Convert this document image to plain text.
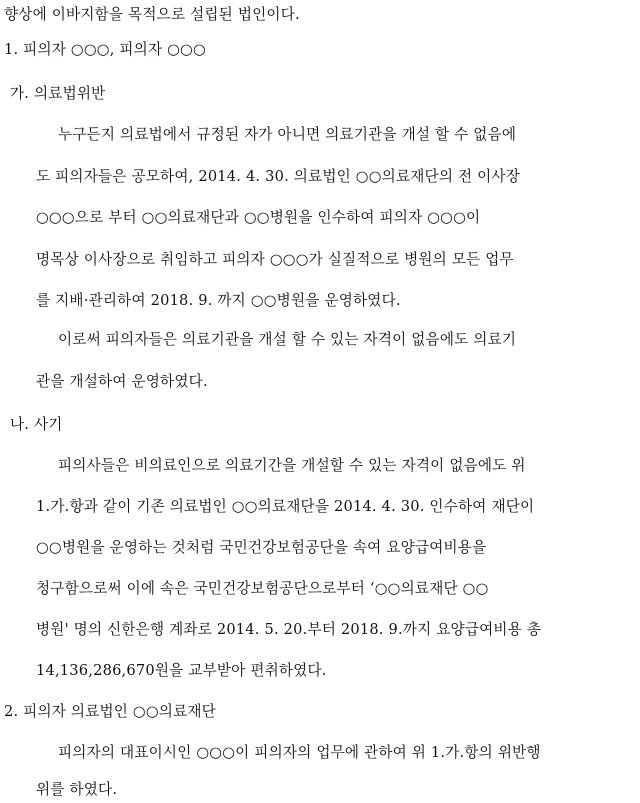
향상에 이바지함을 목적으로 설립된 법인이다.

1. 피의자 ○○○, 피의자 ○○○

가. 의료법위반

누구든지 의료법에서 규정된 자가 아니면 의료기관을 개설 할 수 없음에

도 피의자들은 공모하여, 2014. 4. 30. 의료법인 ○○의료재단의 전 이사장

○○○으로 부터 ○○의료재단과 ○○병원을 인수하여 피의자 ○○○이

명목상 이사장으로 취임하고 피의자 ○○○가 실질적으로 병원의 모든 업무

를 지배·관리하여 2018. 9. 까지 ○○병원을 운영하였다.

이로써 피의자들은 의료기관을 개설 할 수 있는 자격이 없음에도 의료기

관을 개설하여 운영하였다.

나. 사기

피의사들은 비의료인으로 의료기간을 개설할 수 있는 자격이 없음에도 위

1.가.항과 같이 기존 의료법인 ○○의료재단을 2014. 4. 30. 인수하여 재단이

○○병원을 운영하는 것처럼 국민건강보험공단을 속여 요양급여비용을

청구함으로써 이에 속은 국민건강보험공단으로부터 ‘○○의료재단 ○○

병원' 명의 신한은행 계좌로 2014. 5. 20.부터 2018. 9.까지 요양급여비용 총

14,136,286,670원을 교부받아 편취하였다.

2. 피의자 의료법인 ○○의료재단

피의자의 대표이시인 ○○○이 피의자의 업무에 관하여 위 1.가.항의 위반행

위를 하였다.
